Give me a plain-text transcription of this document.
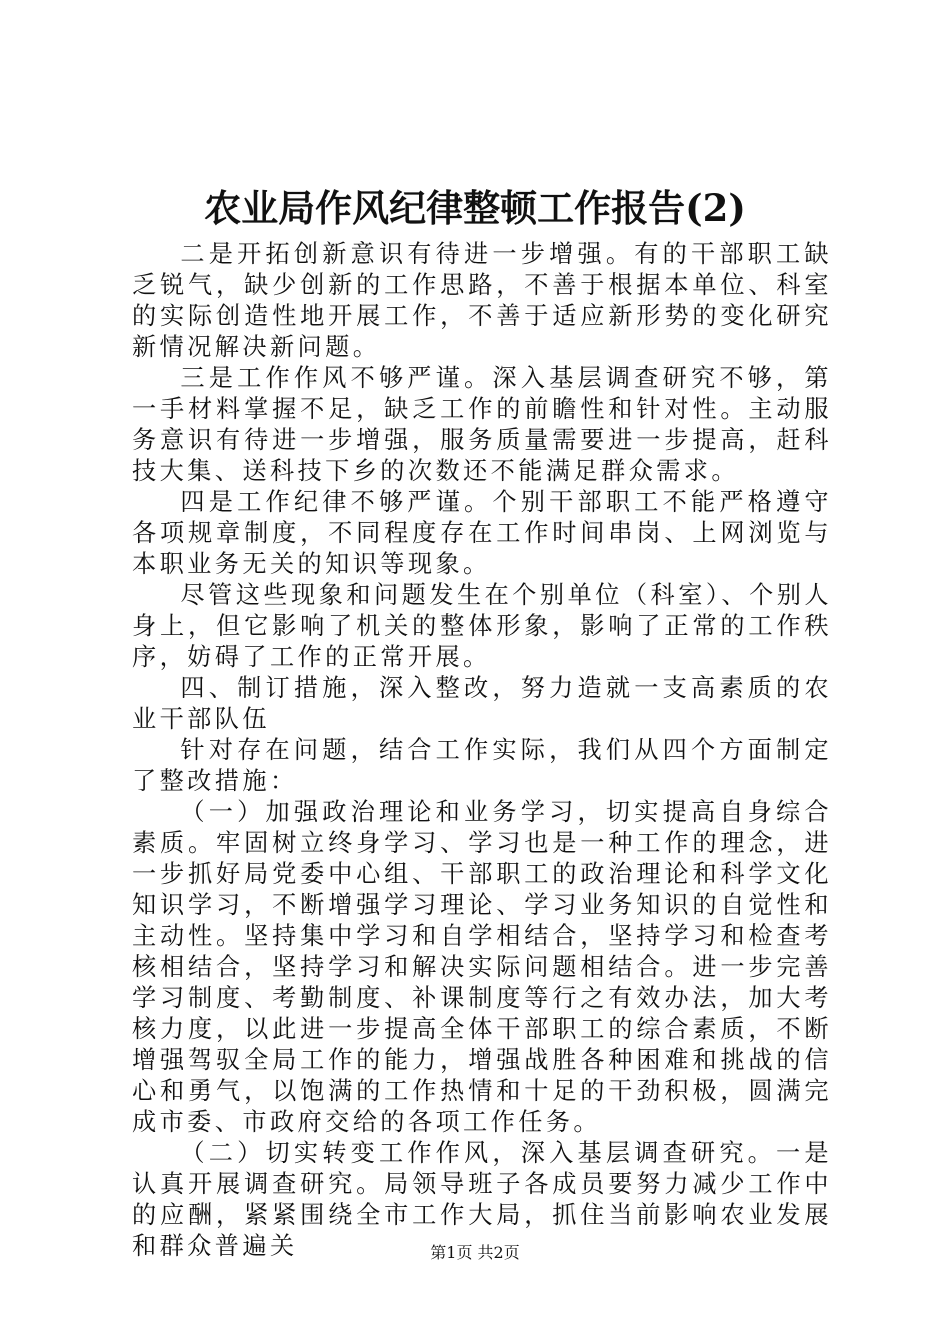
农业局作风纪律整顿工作报告(2)

二是开拓创新意识有待进一步增强。有的干部职工缺乏锐气，缺少创新的工作思路，不善于根据本单位、科室的实际创造性地开展工作，不善于适应新形势的变化研究新情况解决新问题。

三是工作作风不够严谨。深入基层调查研究不够，第一手材料掌握不足，缺乏工作的前瞻性和针对性。主动服务意识有待进一步增强，服务质量需要进一步提高，赶科技大集、送科技下乡的次数还不能满足群众需求。

四是工作纪律不够严谨。个别干部职工不能严格遵守各项规章制度，不同程度存在工作时间串岗、上网浏览与本职业务无关的知识等现象。

尽管这些现象和问题发生在个别单位（科室）、个别人身上，但它影响了机关的整体形象，影响了正常的工作秩序，妨碍了工作的正常开展。

四、制订措施，深入整改，努力造就一支高素质的农业干部队伍

针对存在问题，结合工作实际，我们从四个方面制定了整改措施：

（一）加强政治理论和业务学习，切实提高自身综合素质。牢固树立终身学习、学习也是一种工作的理念，进一步抓好局党委中心组、干部职工的政治理论和科学文化知识学习，不断增强学习理论、学习业务知识的自觉性和主动性。坚持集中学习和自学相结合，坚持学习和检查考核相结合，坚持学习和解决实际问题相结合。进一步完善学习制度、考勤制度、补课制度等行之有效办法，加大考核力度，以此进一步提高全体干部职工的综合素质，不断增强驾驭全局工作的能力，增强战胜各种困难和挑战的信心和勇气，以饱满的工作热情和十足的干劲积极，圆满完成市委、市政府交给的各项工作任务。

（二）切实转变工作作风，深入基层调查研究。一是认真开展调查研究。局领导班子各成员要努力减少工作中的应酬，紧紧围绕全市工作大局，抓住当前影响农业发展和群众普遍关	第1页 共2页
